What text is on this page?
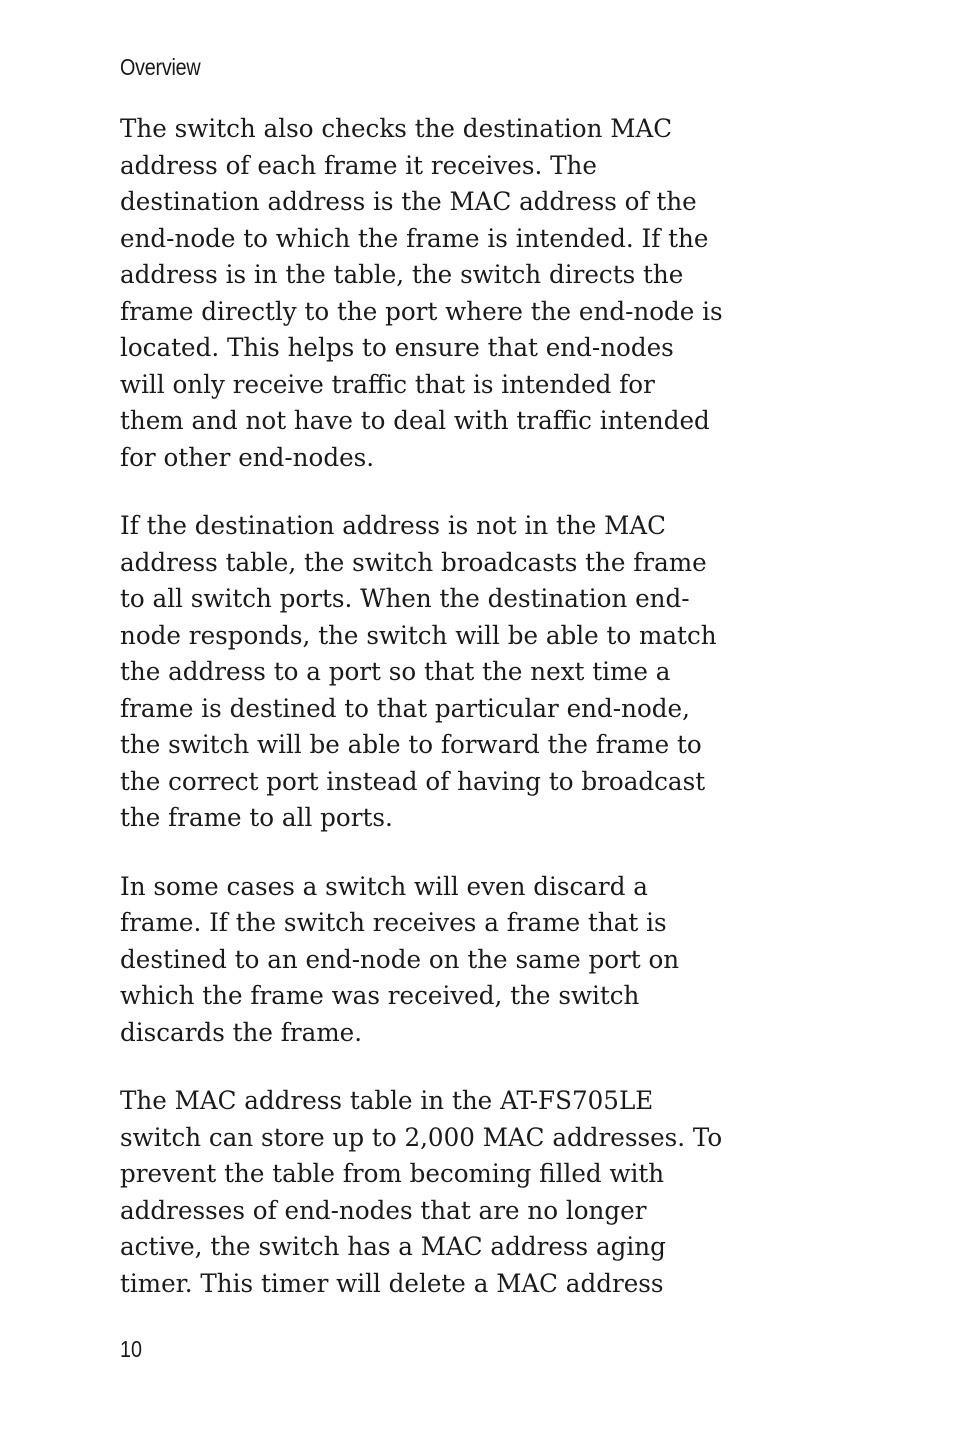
Overview

The switch also checks the destination MAC
address of each frame it receives. The
destination address is the MAC address of the
end-node to which the frame is intended. If the
address is in the table, the switch directs the
frame directly to the port where the end-node is
located. This helps to ensure that end-nodes
will only receive traffic that is intended for
them and not have to deal with traffic intended
for other end-nodes.

If the destination address is not in the MAC
address table, the switch broadcasts the frame
to all switch ports. When the destination end-
node responds, the switch will be able to match
the address to a port so that the next time a
frame is destined to that particular end-node,
the switch will be able to forward the frame to
the correct port instead of having to broadcast
the frame to all ports.

In some cases a switch will even discard a
frame. If the switch receives a frame that is
destined to an end-node on the same port on
which the frame was received, the switch
discards the frame.

The MAC address table in the AT-FS705LE
switch can store up to 2,000 MAC addresses. To
prevent the table from becoming filled with
addresses of end-nodes that are no longer
active, the switch has a MAC address aging
timer. This timer will delete a MAC address

10
